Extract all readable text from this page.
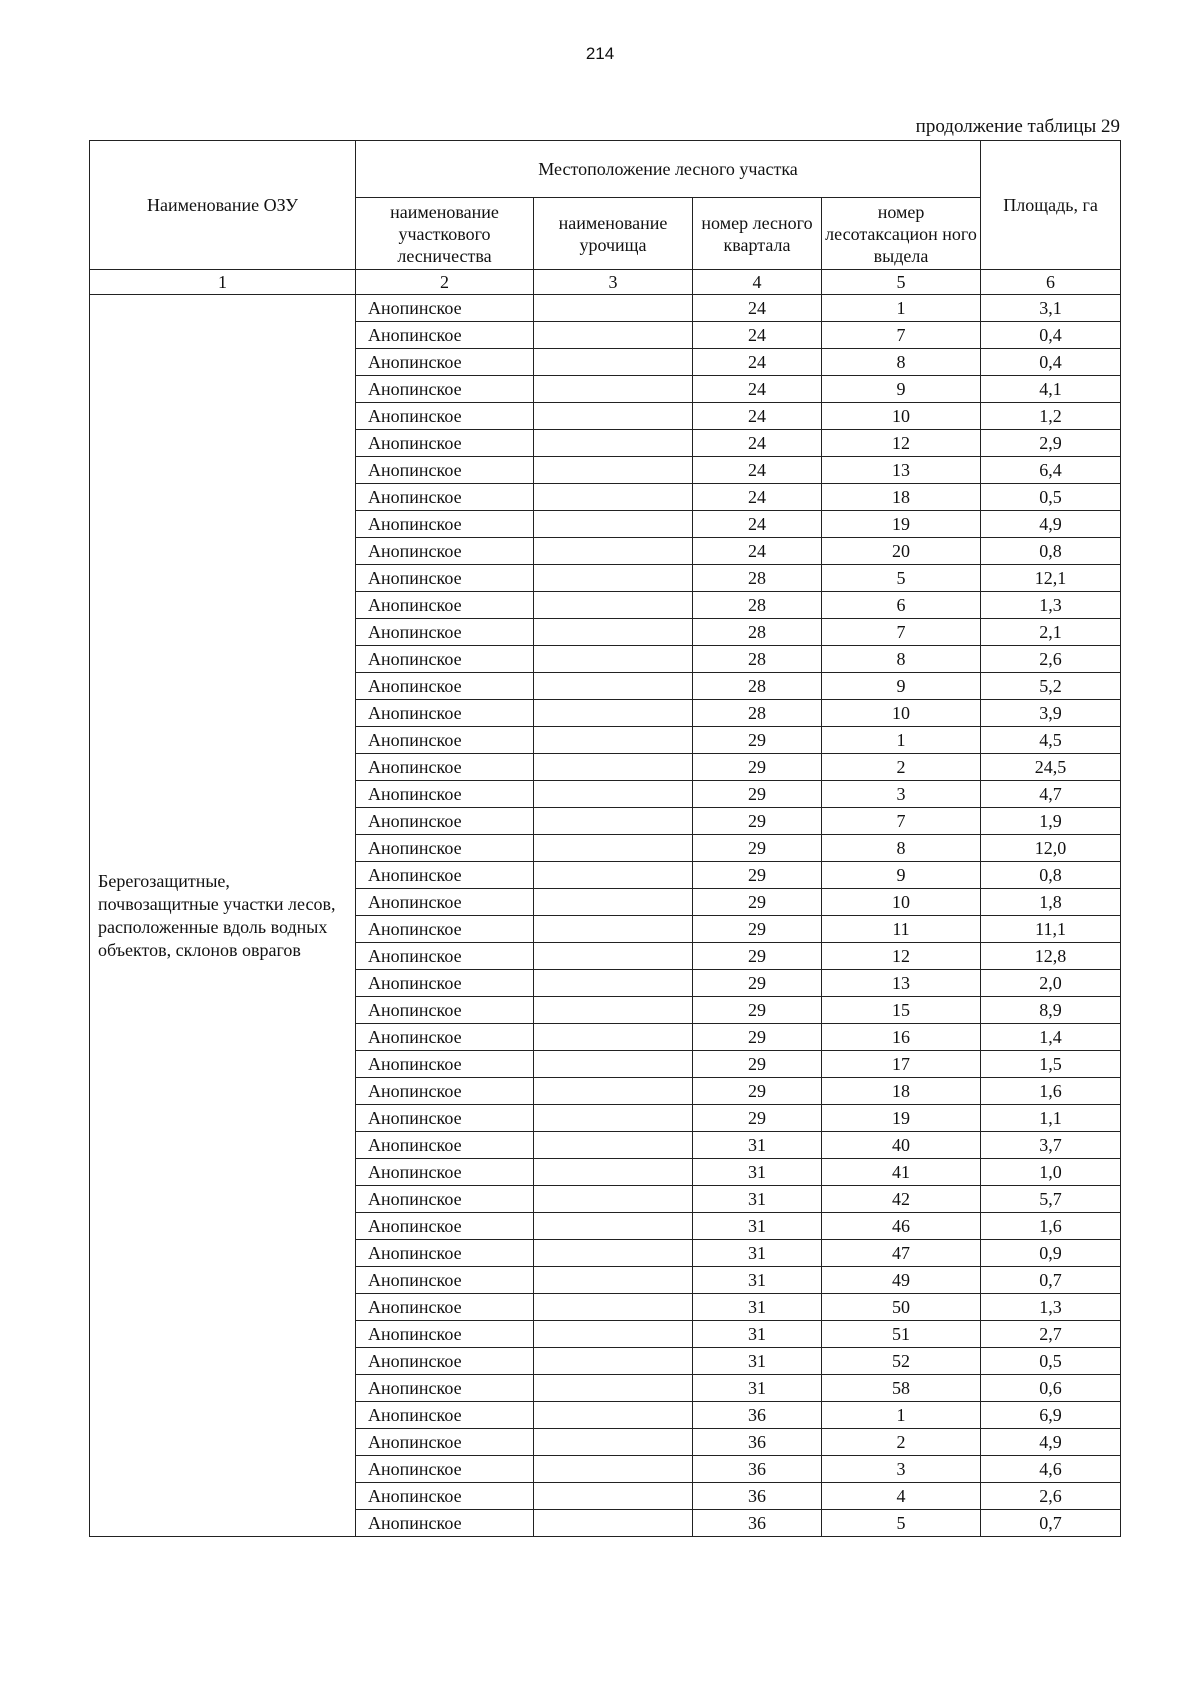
214
продолжение таблицы 29
Наименование ОЗУ	Местоположение лесного участка				Площадь, га
	наименование участкового лесничества	наименование урочища	номер лесного квартала	номер лесотаксацион ного выдела	
1	2	3	4	5	6
Берегозащитные, почвозащитные участки лесов, расположенные вдоль водных объектов, склонов оврагов	Анопинское		24	1	3,1
	Анопинское		24	7	0,4
	Анопинское		24	8	0,4
	Анопинское		24	9	4,1
	Анопинское		24	10	1,2
	Анопинское		24	12	2,9
	Анопинское		24	13	6,4
	Анопинское		24	18	0,5
	Анопинское		24	19	4,9
	Анопинское		24	20	0,8
	Анопинское		28	5	12,1
	Анопинское		28	6	1,3
	Анопинское		28	7	2,1
	Анопинское		28	8	2,6
	Анопинское		28	9	5,2
	Анопинское		28	10	3,9
	Анопинское		29	1	4,5
	Анопинское		29	2	24,5
	Анопинское		29	3	4,7
	Анопинское		29	7	1,9
	Анопинское		29	8	12,0
	Анопинское		29	9	0,8
	Анопинское		29	10	1,8
	Анопинское		29	11	11,1
	Анопинское		29	12	12,8
	Анопинское		29	13	2,0
	Анопинское		29	15	8,9
	Анопинское		29	16	1,4
	Анопинское		29	17	1,5
	Анопинское		29	18	1,6
	Анопинское		29	19	1,1
	Анопинское		31	40	3,7
	Анопинское		31	41	1,0
	Анопинское		31	42	5,7
	Анопинское		31	46	1,6
	Анопинское		31	47	0,9
	Анопинское		31	49	0,7
	Анопинское		31	50	1,3
	Анопинское		31	51	2,7
	Анопинское		31	52	0,5
	Анопинское		31	58	0,6
	Анопинское		36	1	6,9
	Анопинское		36	2	4,9
	Анопинское		36	3	4,6
	Анопинское		36	4	2,6
	Анопинское		36	5	0,7
